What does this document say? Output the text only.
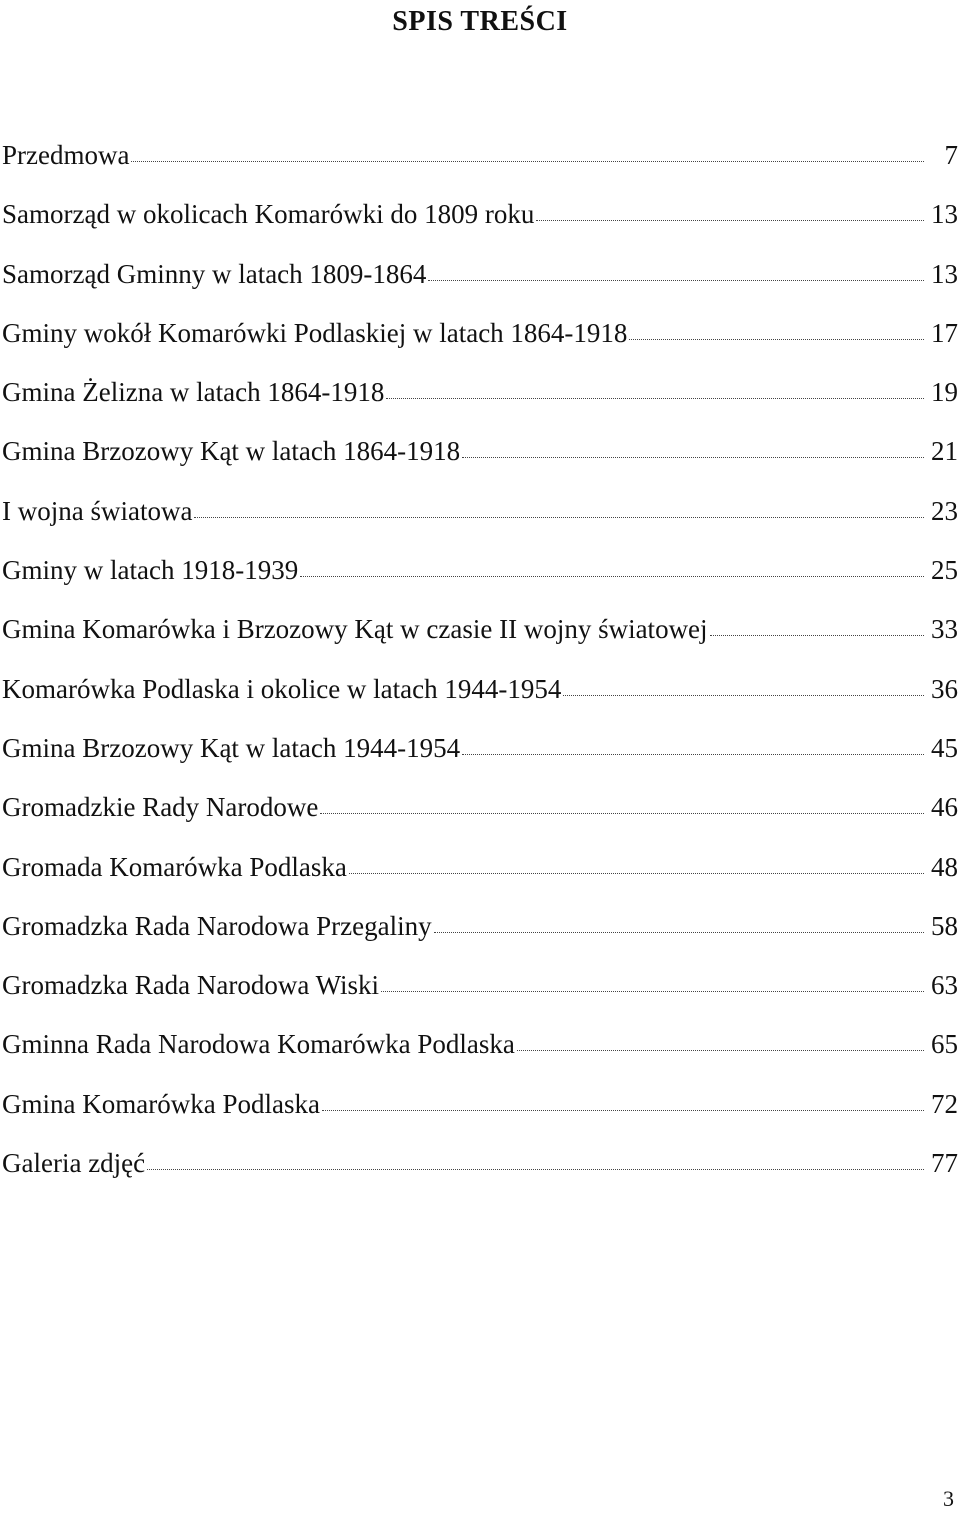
SPIS TREŚCI
Przedmowa	7
Samorząd w okolicach Komarówki do 1809 roku	13
Samorząd Gminny w latach 1809-1864	13
Gminy wokół Komarówki Podlaskiej w latach 1864-1918	17
Gmina Żelizna w latach 1864-1918	19
Gmina Brzozowy Kąt w latach 1864-1918	21
I wojna światowa	23
Gminy w latach 1918-1939	25
Gmina Komarówka i Brzozowy Kąt w czasie II wojny światowej	33
Komarówka Podlaska i okolice w latach 1944-1954	36
Gmina Brzozowy Kąt w latach 1944-1954	45
Gromadzkie Rady Narodowe	46
Gromada Komarówka Podlaska	48
Gromadzka Rada Narodowa Przegaliny	58
Gromadzka Rada Narodowa Wiski	63
Gminna Rada Narodowa Komarówka Podlaska	65
Gmina Komarówka Podlaska	72
Galeria zdjęć	77
3
